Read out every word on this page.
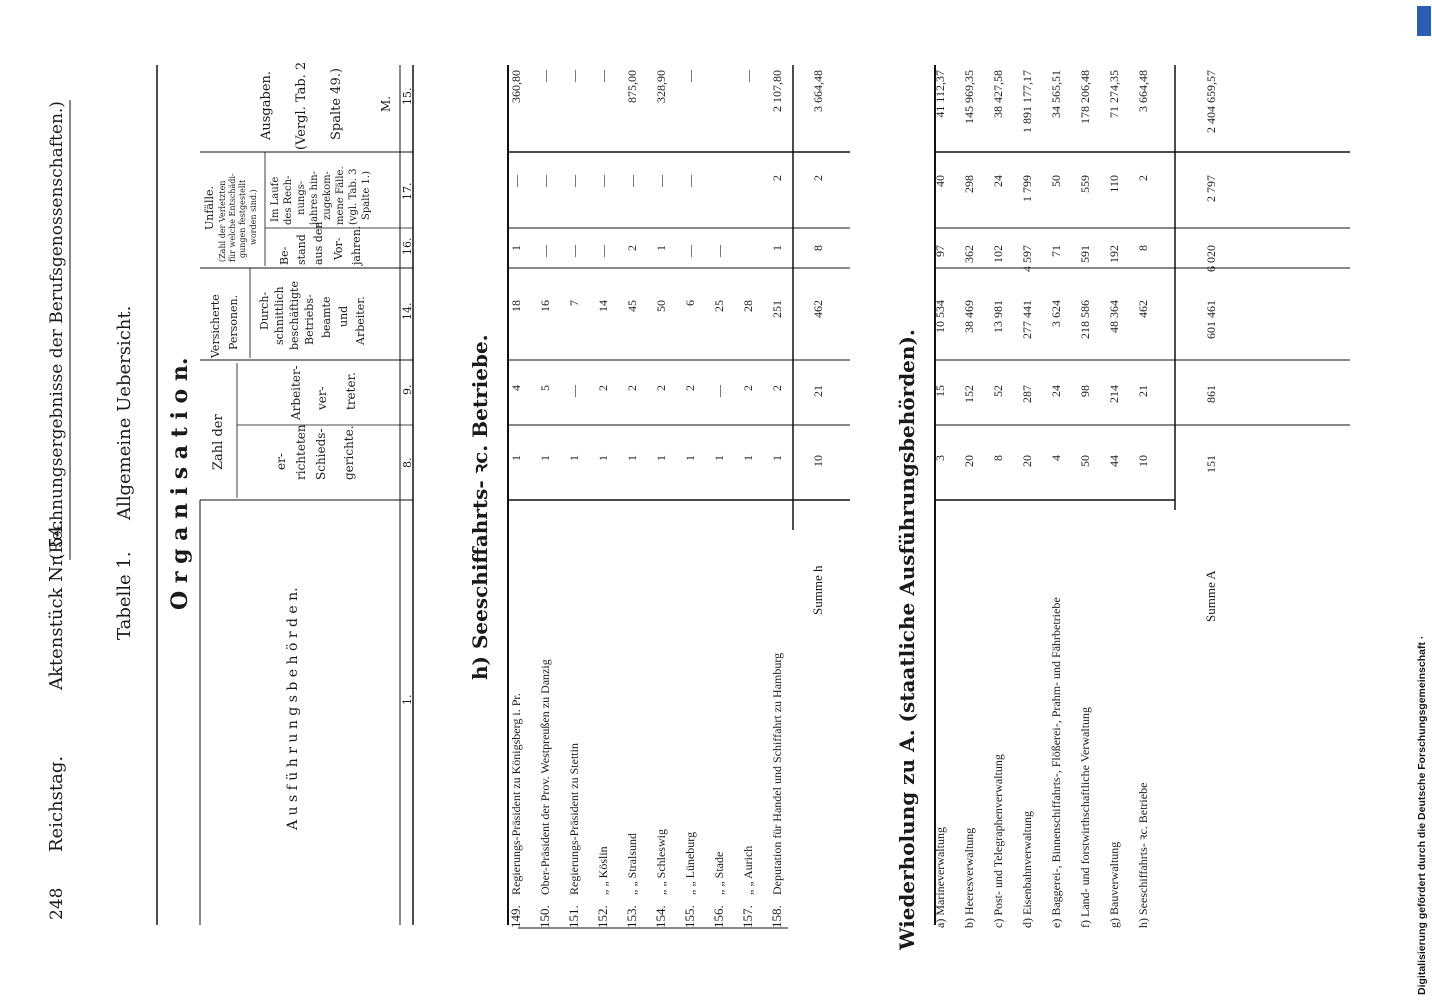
248
Reichstag.
Aktenstück Nr. 54.
(Rechnungsergebnisse der Berufsgenossenschaften.)
Tabelle 1.
Allgemeine Uebersicht. O r g a n i s a t i o n.
A u s f ü h r u n g s b e h ö r d e n.
Zahl der	er- richteten Schieds- gerichte.
Arbeiter- ver- treter.
Versicherte Personen. Durch- schnittlich beschäftigte Betriebs- beamte und Arbeiter.
Unfälle. (Zahl der Verletzten für welche Entschädi- gungen festgestellt worden sind.)
Be- stand aus den Vor- jahren.
Im Laufe des Rech- nungs- jahres hin- zugekom- mene Fälle. (vgl. Tab. 3 Spalte 1.)
Ausgaben. (Vergl. Tab. 2 Spalte 49.)	M.
1.
8.
9.
14.
16.
17.
15.
h) Seeschiffahrts- ꝛc. Betriebe.
149.
Regierungs-Präsident zu Königsberg i. Pr.
1
4
18
1
—
360,80
150.
Ober-Präsident der Prov. Westpreußen zu Danzig
1
5
16
—
—
—
151.
Regierungs-Präsident zu Stettin
1
—
7
—
—
—
152.
„ „ Köslin
1
2
14
—
—
—
153.
„ „ Stralsund
1
2
45
2
—
875,00
154.
„ „ Schleswig
1
2
50
1
—
328,90
155.
„ „ Lüneburg
1
2
6
—
—
—
156.
„ „ Stade
1
—
25
—
157.
„ „ Aurich
1
2
28
—
158.
Deputation für Handel und Schiffahrt zu Hamburg
1
2
251
1
2
2 107,80
Summe h
10
21
462
8
2
3 664,48
Wiederholung zu A. (staatliche Ausführungsbehörden). a) Marineverwaltung
3
15
10 534
97
40
41 112,37
b) Heeresverwaltung
20
152
38 469
362
298
145 969,35
c) Post- und Telegraphenverwaltung
8
52
13 981
102
24
38 427,58
d) Eisenbahnverwaltung
20
287
277 441
4 597
1 799
1 891 177,17
e) Baggerei-, Binnenschiffahrts-, Flößerei-, Prahm- und Fährbetriebe
4
24
3 624
71
50
34 565,51
f) Land- und forstwirthschaftliche Verwaltung
50
98
218 586
591
559
178 206,48
g) Bauverwaltung
44
214
48 364
192
110
71 274,35
h) Seeschiffahrts- ꝛc. Betriebe
10
21
462
8
2
3 664,48
Summe A
151
861
601 461
6 020
2 797
2 404 659,57
Digitalisierung gefördert durch die Deutsche Forschungsgemeinschaft ·
